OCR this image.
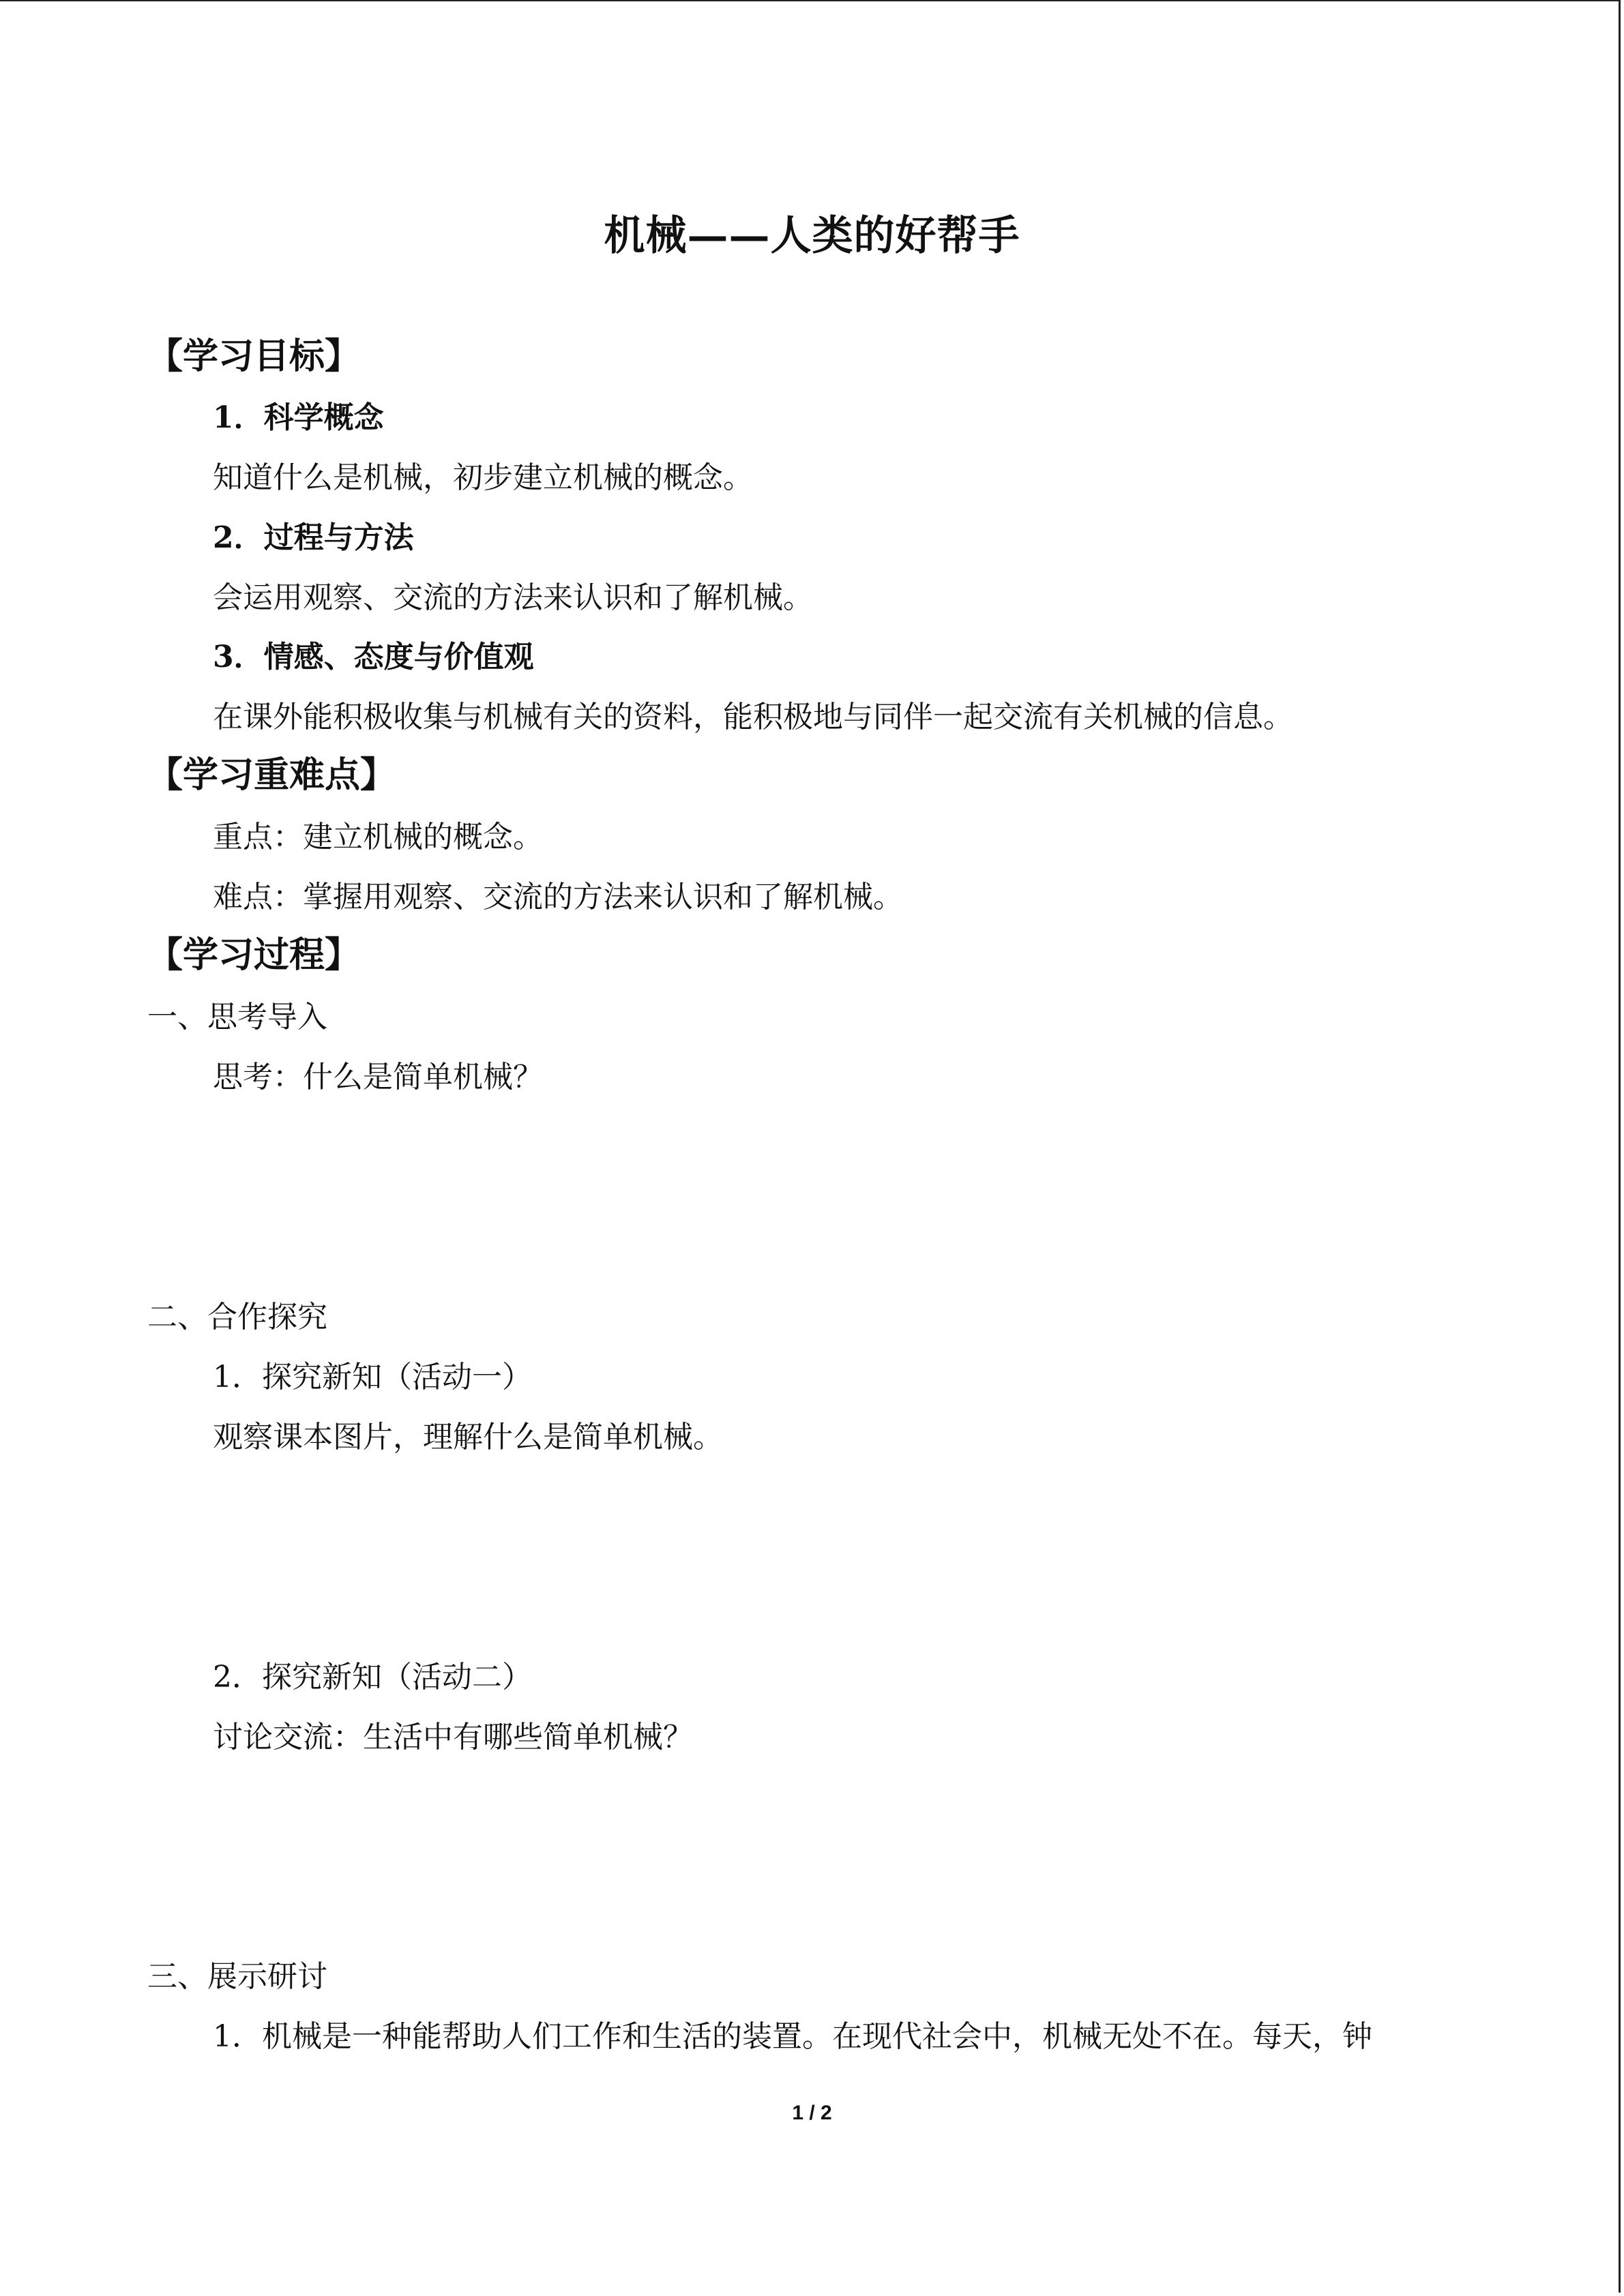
机械——人类的好帮手
【学习目标】
1．科学概念
知道什么是机械，初步建立机械的概念。
2．过程与方法
会运用观察、交流的方法来认识和了解机械。
3．情感、态度与价值观
在课外能积极收集与机械有关的资料，能积极地与同伴一起交流有关机械的信息。
【学习重难点】
重点：建立机械的概念。
难点：掌握用观察、交流的方法来认识和了解机械。
【学习过程】
一、思考导入
思考：什么是简单机械？
二、合作探究
1．探究新知（活动一）
观察课本图片，理解什么是简单机械。
2．探究新知（活动二）
讨论交流：生活中有哪些简单机械？
三、展示研讨
1．机械是一种能帮助人们工作和生活的装置。在现代社会中，机械无处不在。每天，钟
1 / 2
